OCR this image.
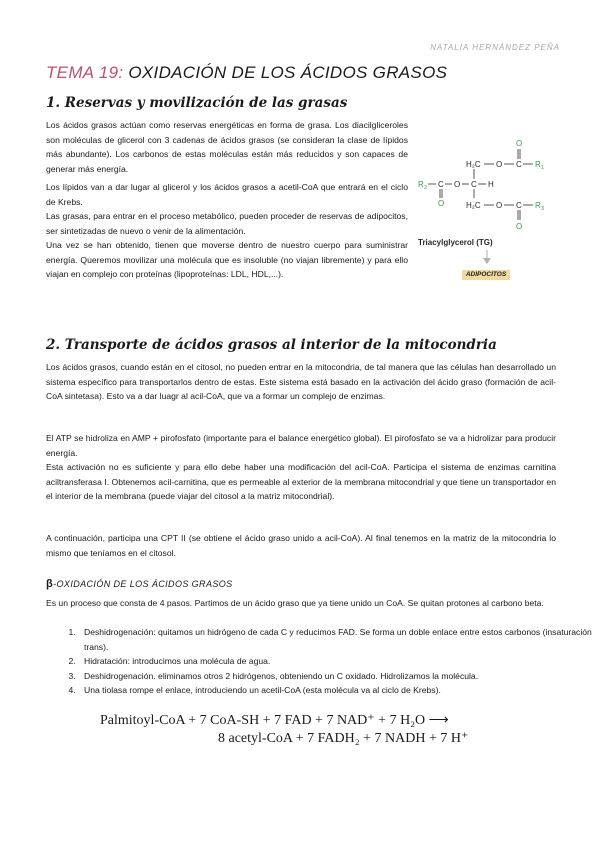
NATALIA HERNÁNDEZ PEÑA
TEMA 19: OXIDACIÓN DE LOS ÁCIDOS GRASOS
1. Reservas y movilización de las grasas

Los ácidos grasos actúan como reservas energéticas en forma de grasa. Los diacilgliceroles son moléculas de glicerol con 3 cadenas de ácidos grasos (se consideran la clase de lípidos más abundante). Los carbonos de estas moléculas están más reducidos y son capaces de generar más energía.

Los lípidos van a dar lugar al glicerol y los ácidos grasos a acetil-CoA que entrará en el ciclo de Krebs.

Las grasas, para entrar en el proceso metabólico, pueden proceder de reservas de adipocitos, ser sintetizadas de nuevo o venir de la alimentación.

Una vez se han obtenido, tienen que moverse dentro de nuestro cuerpo para suministrar energía. Queremos movilizar una molécula que es insoluble (no viajan libremente) y para ello viajan en complejo con proteínas (lipoproteínas: LDL, HDL,...).

H₂C O C R 1
O
R 2 C O C H
O	H₂C O C R 3
O
Triacylglycerol (TG)
ADIPOCITOS
2. Transporte de ácidos grasos al interior de la mitocondria

Los ácidos grasos, cuando están en el citosol, no pueden entrar en la mitocondria, de tal manera que las células han desarrollado un sistema específico para transportarlos dentro de estas. Este sistema está basado en la activación del ácido graso (formación de acil-CoA sintetasa). Esto va a dar luagr al acil-CoA, que va a formar un complejo de enzimas.

El ATP se hidroliza en AMP + pirofosfato (importante para el balance energético global). El pirofosfato se va a hidrolizar para producir energía.

Esta activación no es suficiente y para ello debe haber una modificación del acil-CoA. Participa el sistema de enzimas carnitina aciltransferasa I. Obtenemos acil-carnitina, que es permeable al exterior de la membrana mitocondrial y que tiene un transportador en el interior de la membrana (puede viajar del citosol a la matriz mitocondrial).

A continuación, participa una CPT II (se obtiene el ácido graso unido a acil-CoA). Al final tenemos en la matriz de la mitocondria lo mismo que teníamos en el citosol.

β-OXIDACIÓN DE LOS ÁCIDOS GRASOS

Es un proceso que consta de 4 pasos. Partimos de un ácido graso que ya tiene unido un CoA. Se quitan protones al carbono beta.

1. Deshidrogenación: quitamos un hidrógeno de cada C y reducimos FAD. Se forma un doble enlace entre estos carbonos (insaturación trans).
2. Hidratación: introducimos una molécula de agua.
3. Deshidrogenación. eliminamos otros 2 hidrógenos, obteniendo un C oxidado. Hidrolizamos la molécula.
4. Una tiolasa rompe el enlace, introduciendo un acetil-CoA (esta molécula va al ciclo de Krebs).
Palmitoyl-CoA + 7 CoA-SH + 7 FAD + 7 NAD⁺ + 7 H₂O ⟶
8 acetyl-CoA + 7 FADH₂ + 7 NADH + 7 H⁺
